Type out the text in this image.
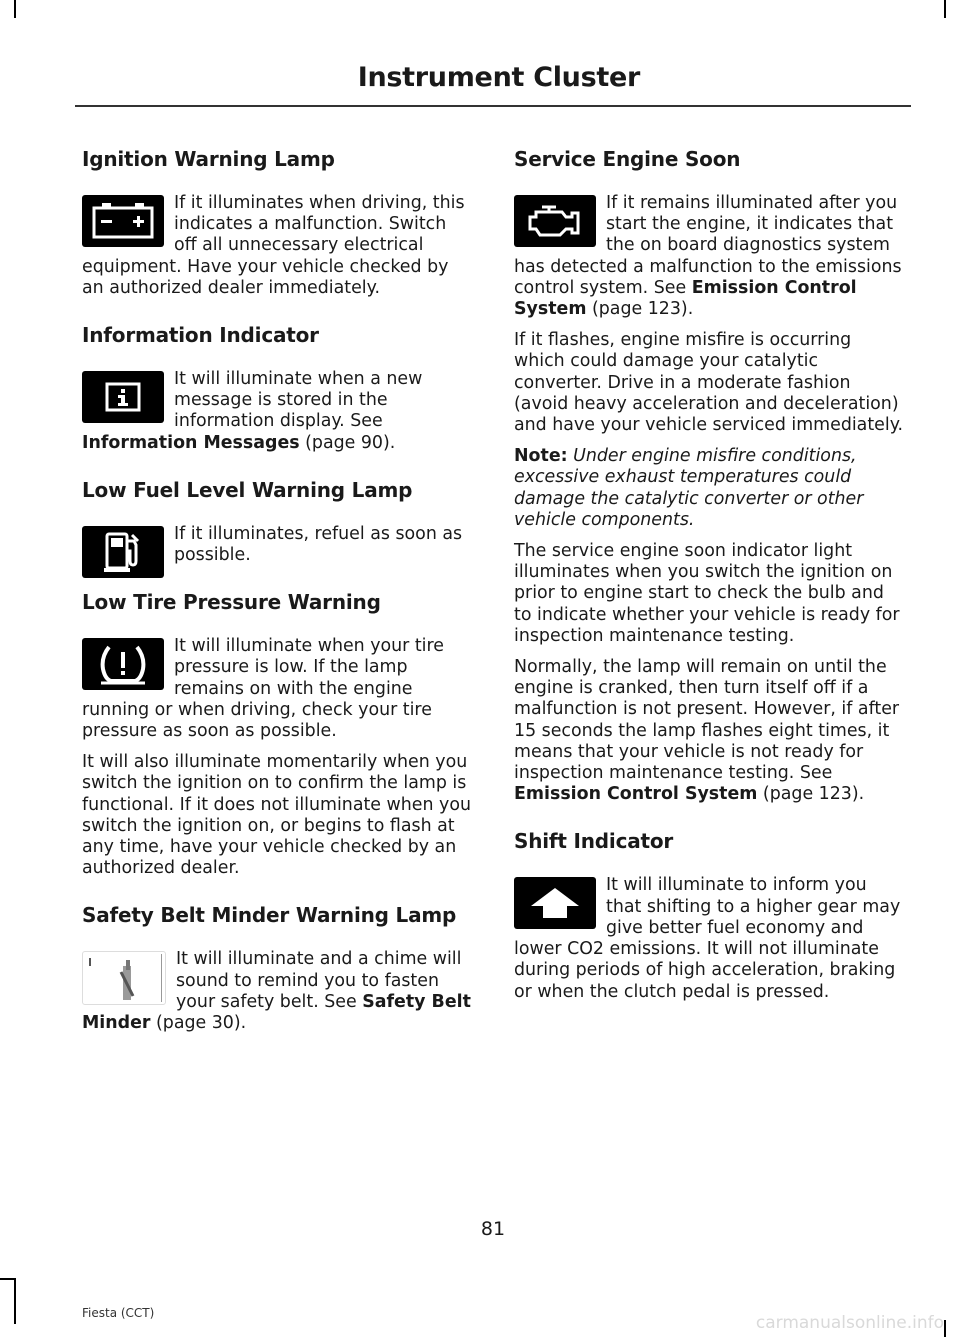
Instrument Cluster
Ignition Warning Lamp

If it illuminates when driving, this indicates a malfunction. Switch off all unnecessary electrical equipment. Have your vehicle checked by an authorized dealer immediately.

Information Indicator

It will illuminate when a new message is stored in the information display. See Information Messages (page 90).

Low Fuel Level Warning Lamp

If it illuminates, refuel as soon as possible.

Low Tire Pressure Warning

It will illuminate when your tire pressure is low. If the lamp remains on with the engine running or when driving, check your tire pressure as soon as possible.

It will also illuminate momentarily when you switch the ignition on to confirm the lamp is functional. If it does not illuminate when you switch the ignition on, or begins to flash at any time, have your vehicle checked by an authorized dealer.

Safety Belt Minder Warning Lamp

It will illuminate and a chime will sound to remind you to fasten your safety belt. See Safety Belt Minder (page 30).

Service Engine Soon

If it remains illuminated after you start the engine, it indicates that the on board diagnostics system has detected a malfunction to the emissions control system. See Emission Control System (page 123).

If it flashes, engine misfire is occurring which could damage your catalytic converter. Drive in a moderate fashion (avoid heavy acceleration and deceleration) and have your vehicle serviced immediately.

Note: Under engine misfire conditions, excessive exhaust temperatures could damage the catalytic converter or other vehicle components.

The service engine soon indicator light illuminates when you switch the ignition on prior to engine start to check the bulb and to indicate whether your vehicle is ready for inspection maintenance testing.

Normally, the lamp will remain on until the engine is cranked, then turn itself off if a malfunction is not present. However, if after 15 seconds the lamp flashes eight times, it means that your vehicle is not ready for inspection maintenance testing. See Emission Control System (page 123).

Shift Indicator

It will illuminate to inform you that shifting to a higher gear may give better fuel economy and lower CO2 emissions. It will not illuminate during periods of high acceleration, braking or when the clutch pedal is pressed.

81
Fiesta (CCT)	carmanualsonline.info
